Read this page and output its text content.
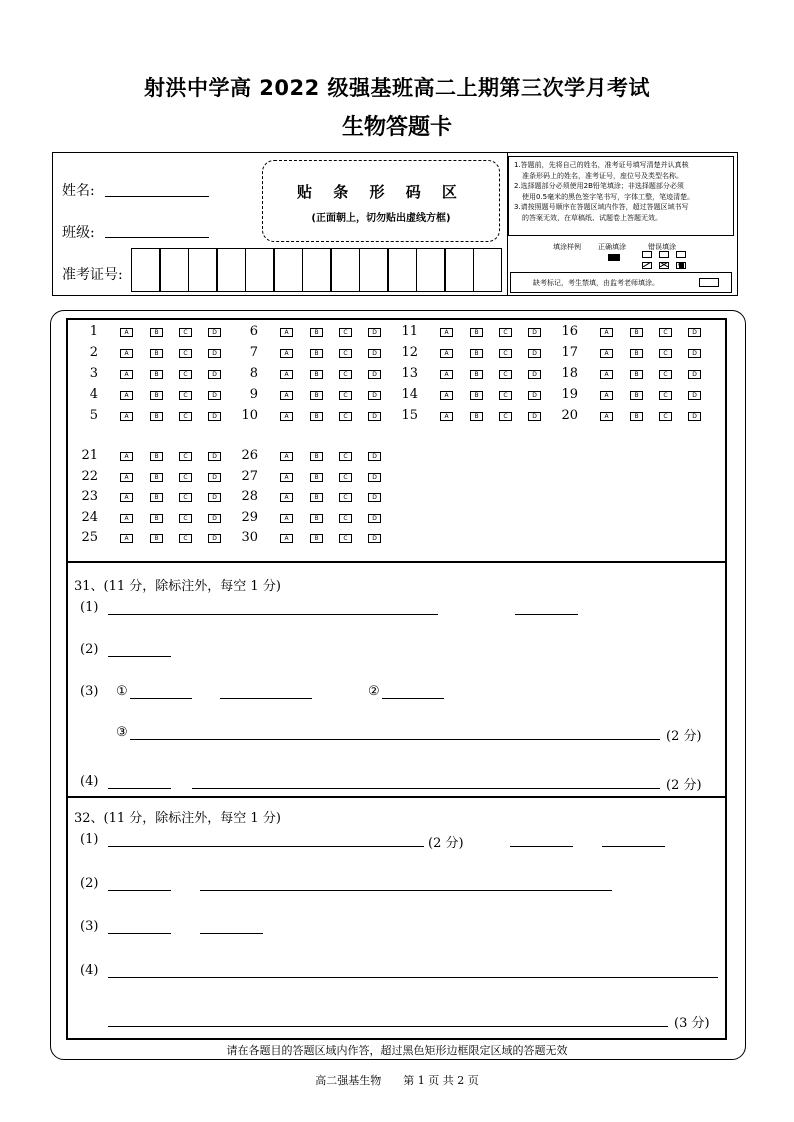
射洪中学高 2022 级强基班高二上期第三次学月考试
生物答题卡
姓名:
班级:
准考证号:
贴 条 形 码 区
(正面朝上，切勿贴出虚线方框)
1.答题前，先将自己的姓名，准考证号填写清楚并认真核
准条形码上的姓名，准考证号，座位号及类型名称。
2.选择题部分必须使用2B铅笔填涂；非选择题部分必须
使用0.5毫米的黑色签字笔书写，字体工整，笔迹清楚。
3.请按照题号顺序在答题区域内作答，超过答题区域书写
的答案无效，在草稿纸、试题卷上答题无效。
填涂样例 正确填涂	错误填涂
缺考标记，考生禁填，由监考老师填涂。
1	A	B	C	D
2	A	B	C	D
3	A	B	C	D
4	A	B	C	D
5	A	B	C	D
6	A	B	C	D
7	A	B	C	D
8	A	B	C	D
9	A	B	C	D
10	A	B	C	D
11	A	B	C	D
12	A	B	C	D
13	A	B	C	D
14	A	B	C	D
15	A	B	C	D
16	A	B	C	D
17	A	B	C	D
18	A	B	C	D
19	A	B	C	D
20	A	B	C	D
21	A	B	C	D
22	A	B	C	D
23	A	B	C	D
24	A	B	C	D
25	A	B	C	D
26	A	B	C	D
27	A	B	C	D
28	A	B	C	D
29	A	B	C	D
30	A	B	C	D
31、(11 分，除标注外，每空 1 分)
(1)
(2)
(3) ①	②
③	(2 分)
(4)	(2 分)
32、(11 分，除标注外，每空 1 分)
(1)	(2 分)
(2)
(3)
(4)
(3 分)
请在各题目的答题区域内作答，超过黑色矩形边框限定区域的答题无效
高二强基生物　　第 1 页 共 2 页
